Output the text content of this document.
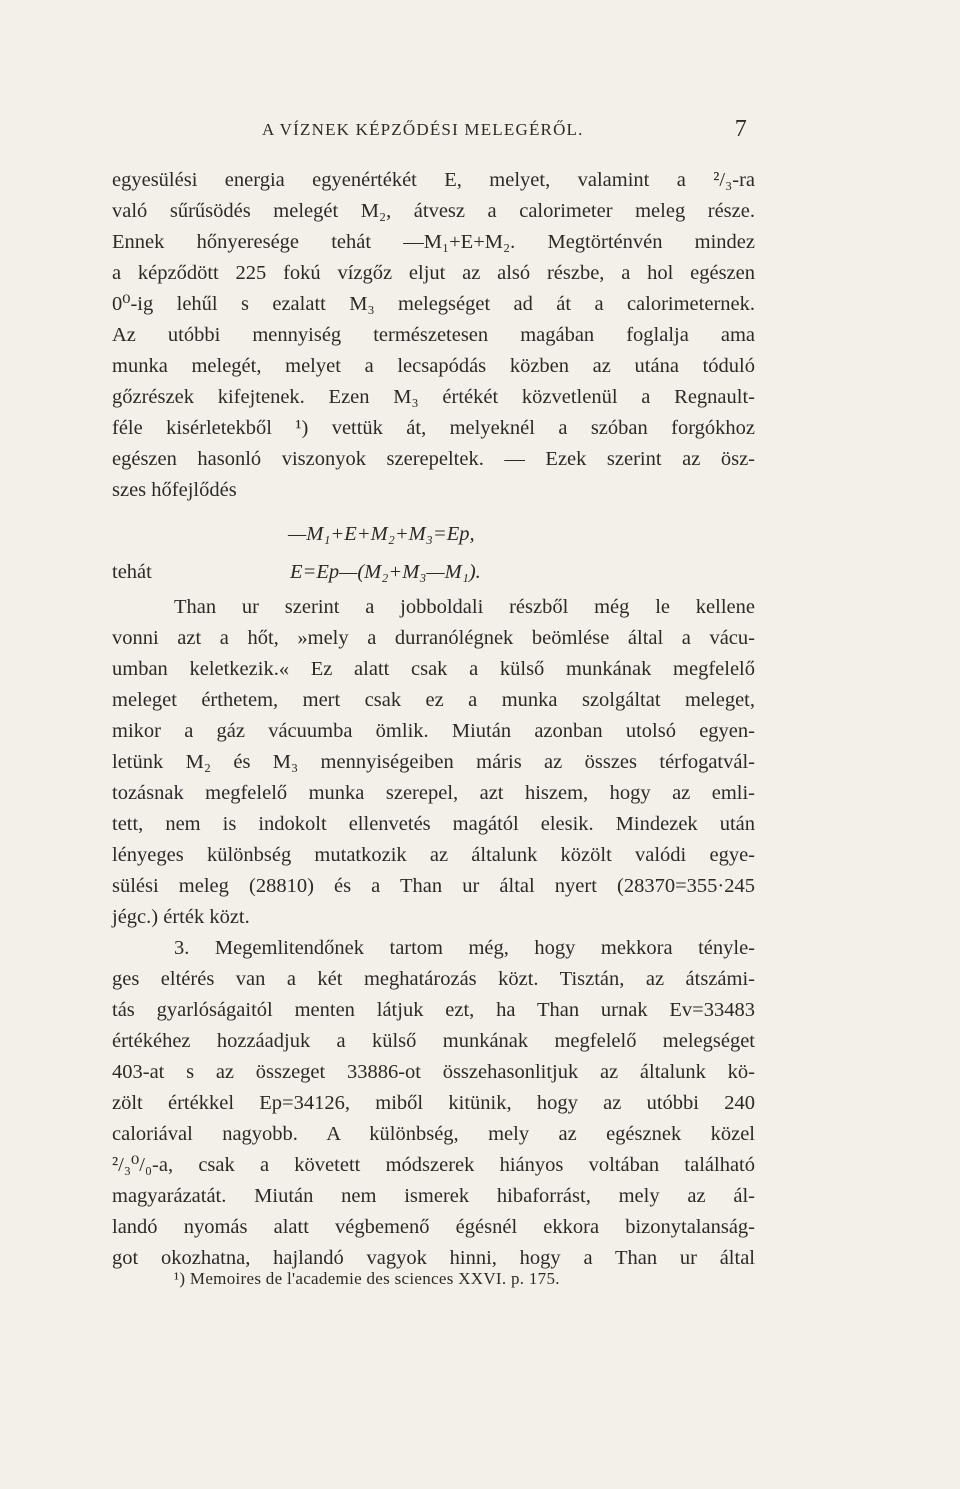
A VÍZNEK KÉPZŐDÉSI MELEGÉRŐL.	7
egyesülési energia egyenértékét E, melyet, valamint a ²/₃-ra
való sűrűsödés melegét M₂, átvesz a calorimeter meleg része.
Ennek hőnyeresége tehát —M₁+E+M₂. Megtörténvén mindez
a képződött 225 fokú vízgőz eljut az alsó részbe, a hol egészen
0⁰-ig lehűl s ezalatt M₃ melegséget ad át a calorimeternek.
Az utóbbi mennyiség természetesen magában foglalja ama
munka melegét, melyet a lecsapódás közben az utána tóduló
gőzrészek kifejtenek. Ezen M₃ értékét közvetlenül a Regnault-
féle kisérletekből ¹) vettük át, melyeknél a szóban forgókhoz
egészen hasonló viszonyok szerepeltek. — Ezek szerint az ösz-
szes hőfejlődés
—M₁+E+M₂+M₃=Ep,
tehát	E=Ep—(M₂+M₃—M₁).
Than ur szerint a jobboldali részből még le kellene
vonni azt a hőt, »mely a durranólégnek beömlése által a vácu-
umban keletkezik.« Ez alatt csak a külső munkának megfelelő
meleget érthetem, mert csak ez a munka szolgáltat meleget,
mikor a gáz vácuumba ömlik. Miután azonban utolsó egyen-
letünk M₂ és M₃ mennyiségeiben máris az összes térfogatvál-
tozásnak megfelelő munka szerepel, azt hiszem, hogy az emli-
tett, nem is indokolt ellenvetés magától elesik. Mindezek után
lényeges különbség mutatkozik az általunk közölt valódi egye-
sülési meleg (28810) és a Than ur által nyert (28370=355·245
jégc.) érték közt.
3. Megemlitendőnek tartom még, hogy mekkora tényle-
ges eltérés van a két meghatározás közt. Tisztán, az átszámi-
tás gyarlóságaitól menten látjuk ezt, ha Than urnak Ev=33483
értékéhez hozzáadjuk a külső munkának megfelelő melegséget
403-at s az összeget 33886-ot összehasonlitjuk az általunk kö-
zölt értékkel Ep=34126, miből kitünik, hogy az utóbbi 240
caloriával nagyobb. A különbség, mely az egésznek közel
²/₃⁰/₀-a, csak a követett módszerek hiányos voltában található
magyarázatát. Miután nem ismerek hibaforrást, mely az ál-
landó nyomás alatt végbemenő égésnél ekkora bizonytalanság-
got okozhatna, hajlandó vagyok hinni, hogy a Than ur által
¹) Memoires de l'academie des sciences XXVI. p. 175.
